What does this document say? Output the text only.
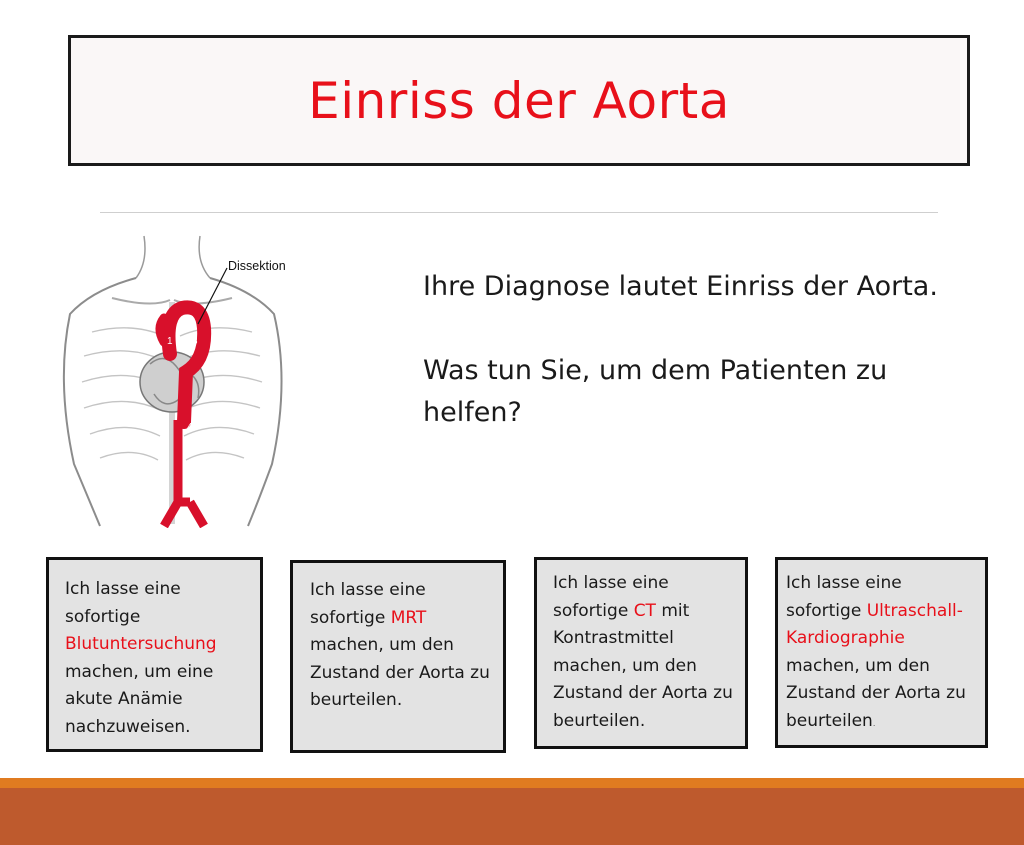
Einriss der Aorta
Dissektion
2
1 3
4

Ihre Diagnose lautet Einriss der Aorta.

Was tun Sie, um dem Patienten zu helfen?

Ich lasse eine sofortige Blutuntersuchung machen, um eine akute Anämie nachzuweisen.
Ich lasse eine sofortige MRT machen, um den Zustand der Aorta zu beurteilen.
Ich lasse eine sofortige CT mit Kontrastmittel machen, um den Zustand der Aorta zu beurteilen.
Ich lasse eine sofortige Ultraschall-Kardiographie machen, um den Zustand der Aorta zu beurteilen.
